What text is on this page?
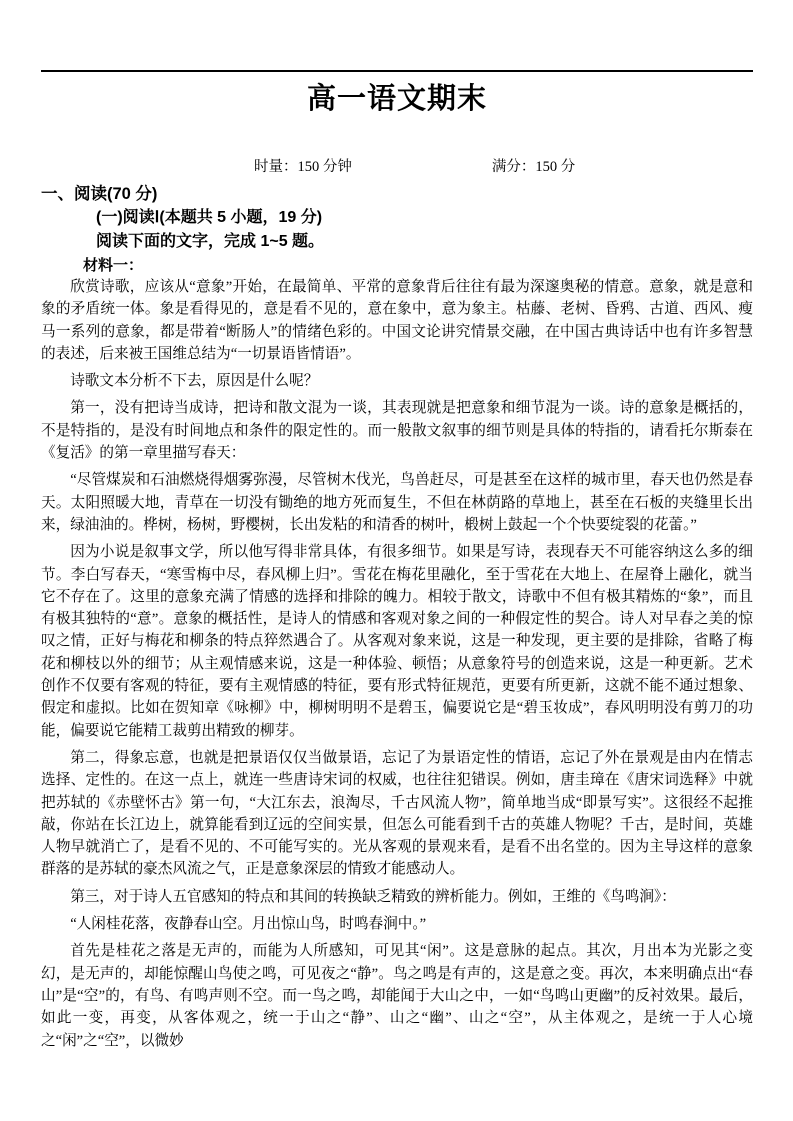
高一语文期末
时量：150 分钟	满分：150 分
一、阅读(70 分)
(一)阅读Ⅰ(本题共 5 小题，19 分)
阅读下面的文字，完成 1~5 题。
材料一：

欣赏诗歌，应该从“意象”开始，在最简单、平常的意象背后往往有最为深邃奥秘的情意。意象，就是意和象的矛盾统一体。象是看得见的，意是看不见的，意在象中，意为象主。枯藤、老树、昏鸦、古道、西风、瘦马一系列的意象，都是带着“断肠人”的情绪色彩的。中国文论讲究情景交融，在中国古典诗话中也有许多智慧的表述，后来被王国维总结为“一切景语皆情语”。

诗歌文本分析不下去，原因是什么呢？

第一，没有把诗当成诗，把诗和散文混为一谈，其表现就是把意象和细节混为一谈。诗的意象是概括的，不是特指的，是没有时间地点和条件的限定性的。而一般散文叙事的细节则是具体的特指的，请看托尔斯泰在《复活》的第一章里描写春天：

“尽管煤炭和石油燃烧得烟雾弥漫，尽管树木伐光，鸟兽赶尽，可是甚至在这样的城市里，春天也仍然是春天。太阳照暖大地，青草在一切没有锄绝的地方死而复生，不但在林荫路的草地上，甚至在石板的夹缝里长出来，绿油油的。桦树，杨树，野樱树，长出发粘的和清香的树叶，椴树上鼓起一个个快要绽裂的花蕾。”

因为小说是叙事文学，所以他写得非常具体，有很多细节。如果是写诗，表现春天不可能容纳这么多的细节。李白写春天，“寒雪梅中尽，春风柳上归”。雪花在梅花里融化，至于雪花在大地上、在屋脊上融化，就当它不存在了。这里的意象充满了情感的选择和排除的魄力。相较于散文，诗歌中不但有极其精炼的“象”，而且有极其独特的“意”。意象的概括性，是诗人的情感和客观对象之间的一种假定性的契合。诗人对早春之美的惊叹之情，正好与梅花和柳条的特点猝然遇合了。从客观对象来说，这是一种发现，更主要的是排除，省略了梅花和柳枝以外的细节；从主观情感来说，这是一种体验、顿悟；从意象符号的创造来说，这是一种更新。艺术创作不仅要有客观的特征，要有主观情感的特征，要有形式特征规范，更要有所更新，这就不能不通过想象、假定和虚拟。比如在贺知章《咏柳》中，柳树明明不是碧玉，偏要说它是“碧玉妆成”，春风明明没有剪刀的功能，偏要说它能精工裁剪出精致的柳芽。

第二，得象忘意，也就是把景语仅仅当做景语，忘记了为景语定性的情语，忘记了外在景观是由内在情志选择、定性的。在这一点上，就连一些唐诗宋词的权威，也往往犯错误。例如，唐圭璋在《唐宋词选释》中就把苏轼的《赤壁怀古》第一句，“大江东去，浪淘尽，千古风流人物”，简单地当成“即景写实”。这很经不起推敲，你站在长江边上，就算能看到辽远的空间实景，但怎么可能看到千古的英雄人物呢？千古，是时间，英雄人物早就消亡了，是看不见的、不可能写实的。光从客观的景观来看，是看不出名堂的。因为主导这样的意象群落的是苏轼的豪杰风流之气，正是意象深层的情致才能感动人。

第三，对于诗人五官感知的特点和其间的转换缺乏精致的辨析能力。例如，王维的《鸟鸣涧》：

“人闲桂花落，夜静春山空。月出惊山鸟，时鸣春涧中。”

首先是桂花之落是无声的，而能为人所感知，可见其“闲”。这是意脉的起点。其次，月出本为光影之变幻，是无声的，却能惊醒山鸟使之鸣，可见夜之“静”。鸟之鸣是有声的，这是意之变。再次，本来明确点出“春山”是“空”的，有鸟、有鸣声则不空。而一鸟之鸣，却能闻于大山之中，一如“鸟鸣山更幽”的反衬效果。最后，如此一变，再变，从客体观之，统一于山之“静”、山之“幽”、山之“空”，从主体观之，是统一于人心境之“闲”之“空”，以微妙
